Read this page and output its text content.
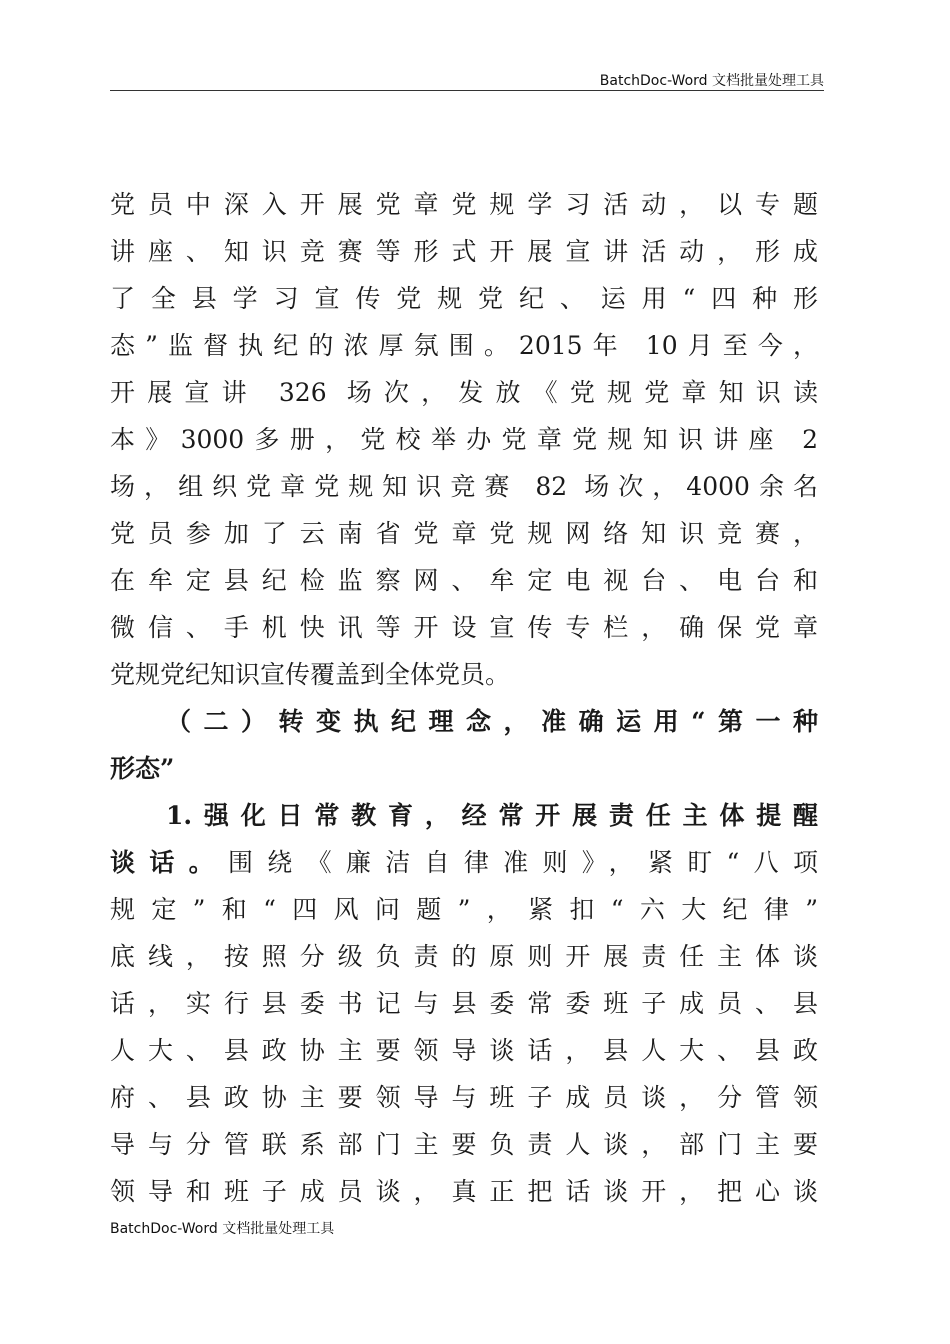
BatchDoc-Word 文档批量处理工具
党员中深入开展党章党规学习活动，以专题
讲座、知识竞赛等形式开展宣讲活动，形成
了全县学习宣传党规党纪、运用“四种形
态”监督执纪的浓厚氛围。2015年 10月至今，
开展宣讲 326 场次，发放《党规党章知识读
本》3000多册，党校举办党章党规知识讲座 2
场，组织党章党规知识竞赛 82 场次，4000余名
党员参加了云南省党章党规网络知识竞赛，
在牟定县纪检监察网、牟定电视台、电台和
微信、手机快讯等开设宣传专栏，确保党章
党规党纪知识宣传覆盖到全体党员。
（二）转变执纪理念，准确运用“第一种
形态”
1.强化日常教育，经常开展责任主体提醒
谈话。围绕《廉洁自律准则》，紧盯“八项
规定”和“四风问题”，紧扣“六大纪律”
底线，按照分级负责的原则开展责任主体谈
话，实行县委书记与县委常委班子成员、县
人大、县政协主要领导谈话，县人大、县政
府、县政协主要领导与班子成员谈，分管领
导与分管联系部门主要负责人谈，部门主要
领导和班子成员谈，真正把话谈开，把心谈
BatchDoc-Word 文档批量处理工具
